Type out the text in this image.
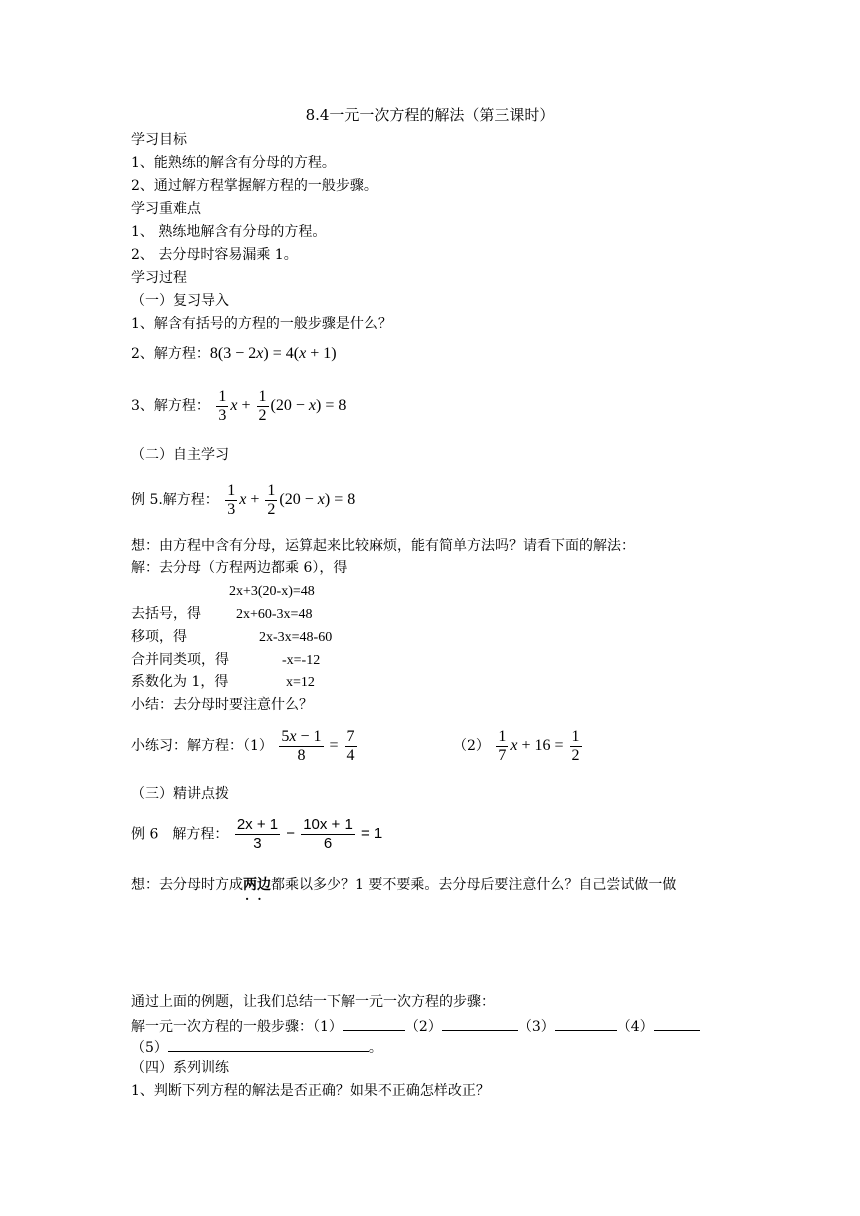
8.4一元一次方程的解法（第三课时）
学习目标
1、能熟练的解含有分母的方程。
2、通过解方程掌握解方程的一般步骤。
学习重难点
1、 熟练地解含有分母的方程。
2、 去分母时容易漏乘 1。
学习过程
（一）复习导入
1、解含有括号的方程的一般步骤是什么？
2、解方程：8(3 − 2x) = 4(x + 1)
3、解方程： $\frac{1}{3}$ $x + \frac{1}{2} (20 - x) = 8$
（二）自主学习
例 5.解方程： $\frac{1}{3}$ $x + \frac{1}{2} (20 - x) = 8$
想：由方程中含有分母，运算起来比较麻烦，能有简单方法吗？请看下面的解法：
解：去分母（方程两边都乘 6），得
2x+3(20-x)=48
去括号，得	2x+60-3x=48
移项，得	2x-3x=48-60
合并同类项，得	-x=-12
系数化为 1，得	x=12
小结：去分母时要注意什么？
小练习：解方程：$(1) \frac{5x - 1}{8} = \frac{7}{4}$	$(2) \frac{1}{7}$ $x + 16 = \frac{1}{2}$
（三）精讲点拨
例 6　解方程： $\frac{2x + 1}{3} - \frac{10x + 1}{6} = 1$
想：去分母时方成两边 · ·都乘以多少？1 要不要乘。去分母后要注意什么？自己尝试做一做
通过上面的例题，让我们总结一下解一元一次方程的步骤：
解一元一次方程的一般步骤：（1）	（2）	（3）	（4）
（5）	。
（四）系列训练
1、判断下列方程的解法是否正确？如果不正确怎样改正？
